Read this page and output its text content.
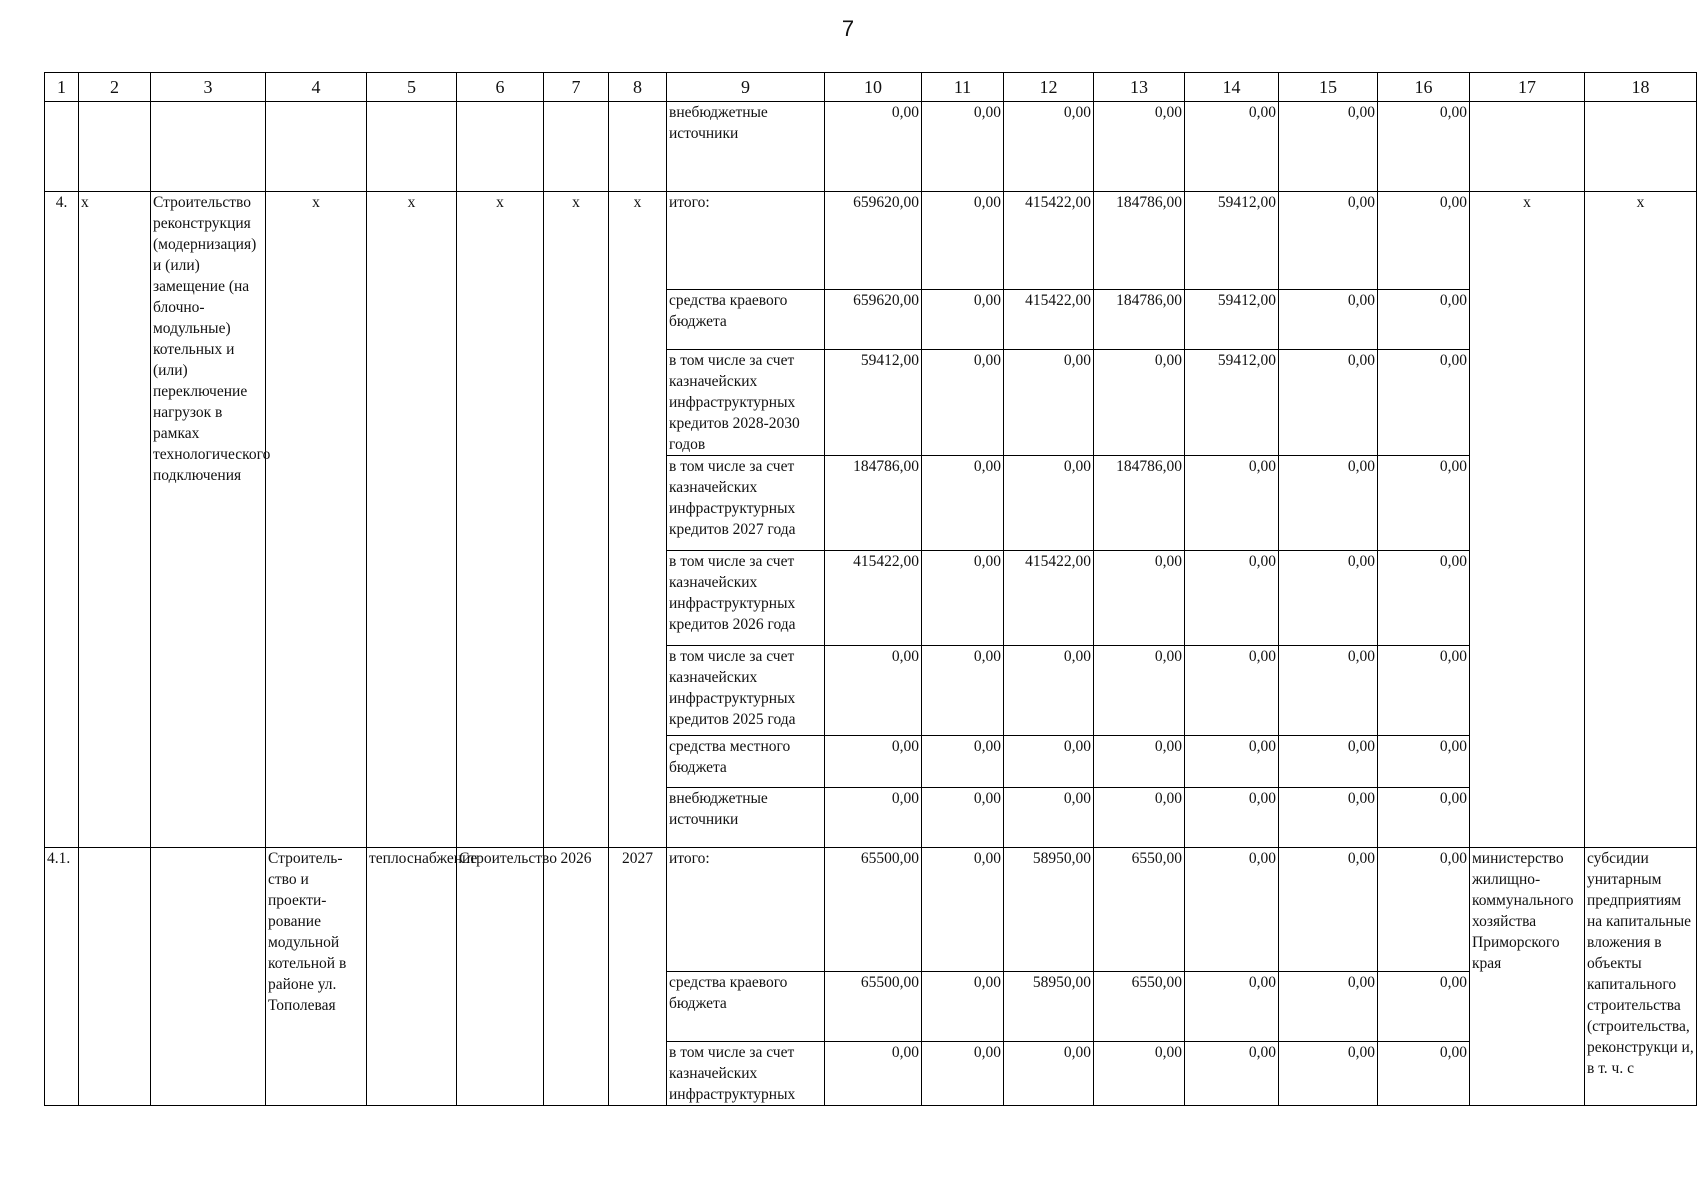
7
1	2	3	4	5	6	7	8	9	10	11	12	13	14	15	16	17	18
								внебюджетные источники	0,00	0,00	0,00	0,00	0,00	0,00	0,00		
4.	x	Строительство реконструкция (модернизация) и (или) замещение (на блочно-модульные) котельных и (или) переключение нагрузок в рамках технологического подключения	x	x	x	x	x	итого:	659620,00	0,00	415422,00	184786,00	59412,00	0,00	0,00	x	x
								средства краевого бюджета	659620,00	0,00	415422,00	184786,00	59412,00	0,00	0,00		
								в том числе за счет казначейских инфраструктурных кредитов 2028-2030 годов	59412,00	0,00	0,00	0,00	59412,00	0,00	0,00		
								в том числе за счет казначейских инфраструктурных кредитов 2027 года	184786,00	0,00	0,00	184786,00	0,00	0,00	0,00		
								в том числе за счет казначейских инфраструктурных кредитов 2026 года	415422,00	0,00	415422,00	0,00	0,00	0,00	0,00		
								в том числе за счет казначейских инфраструктурных кредитов 2025 года	0,00	0,00	0,00	0,00	0,00	0,00	0,00		
								средства местного бюджета	0,00	0,00	0,00	0,00	0,00	0,00	0,00		
								внебюджетные источники	0,00	0,00	0,00	0,00	0,00	0,00	0,00		
4.1.			Строитель-ство и проекти-рование модульной котельной в районе ул. Тополевая	теплоснабжение	Строительство	2026	2027	итого:	65500,00	0,00	58950,00	6550,00	0,00	0,00	0,00	министерство жилищно-коммунального хозяйства Приморского края	субсидии унитарным предприятиям на капитальные вложения в объекты капитального строительства (строительства, реконструкци и, в т. ч. с
								средства краевого бюджета	65500,00	0,00	58950,00	6550,00	0,00	0,00	0,00		
								в том числе за счет казначейских инфраструктурных	0,00	0,00	0,00	0,00	0,00	0,00	0,00		
